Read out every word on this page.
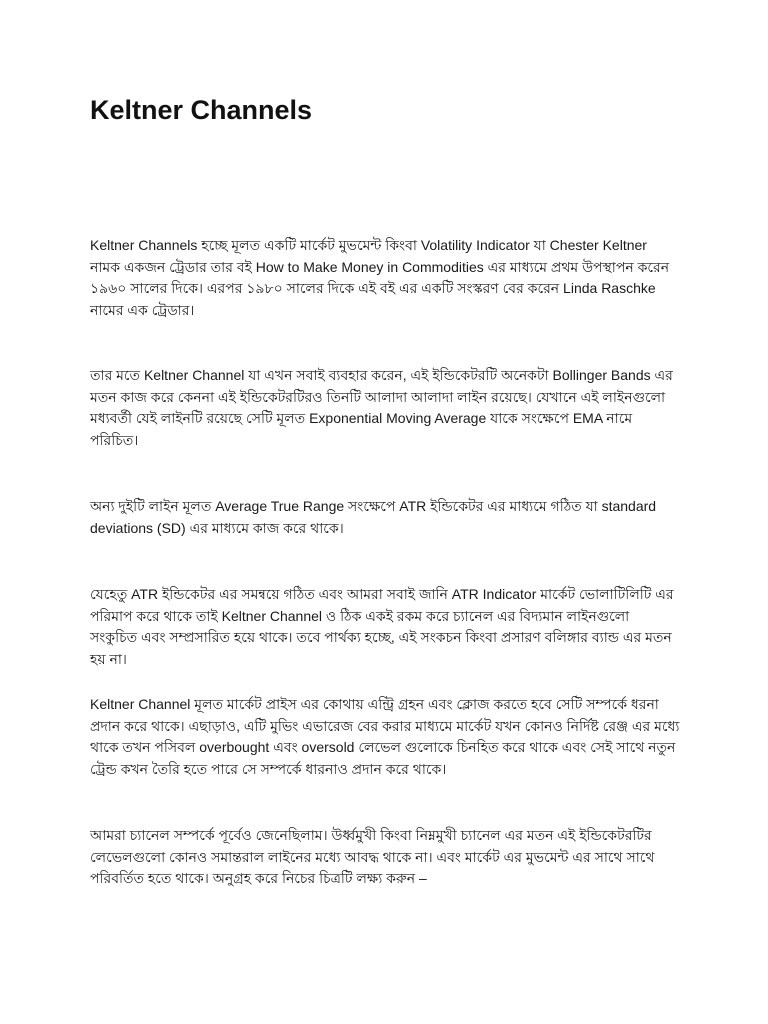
Keltner Channels

Keltner Channels হচ্ছে মূলত একটি মার্কেট মুভমেন্ট কিংবা Volatility Indicator যা Chester Keltner নামক একজন ট্রেডার তার বই How to Make Money in Commodities এর মাধ্যমে প্রথম উপস্থাপন করেন ১৯৬০ সালের দিকে। এরপর ১৯৮০ সালের দিকে এই বই এর একটি সংস্করণ বের করেন Linda Raschke নামের এক ট্রেডার।

তার মতে Keltner Channel যা এখন সবাই ব্যবহার করেন, এই ইন্ডিকেটরটি অনেকটা Bollinger Bands এর মতন কাজ করে কেননা এই ইন্ডিকেটরটিরও তিনটি আলাদা আলাদা লাইন রয়েছে। যেখানে এই লাইনগুলো মধ্যবর্তী যেই লাইনটি রয়েছে সেটি মূলত Exponential Moving Average যাকে সংক্ষেপে EMA নামে পরিচিত।

অন্য দুইটি লাইন মূলত Average True Range সংক্ষেপে ATR ইন্ডিকেটর এর মাধ্যমে গঠিত যা standard deviations (SD) এর মাধ্যমে কাজ করে থাকে।

যেহেতু ATR ইন্ডিকেটর এর সমন্বয়ে গঠিত এবং আমরা সবাই জানি ATR Indicator মার্কেট ভোলাটিলিটি এর পরিমাপ করে থাকে তাই Keltner Channel ও ঠিক একই রকম করে চ্যানেল এর বিদ্যমান লাইনগুলো সংকুচিত এবং সম্প্রসারিত হয়ে থাকে। তবে পার্থক্য হচ্ছে, এই সংকচন কিংবা প্রসারণ বলিঙ্গার ব্যান্ড এর মতন হয় না।

Keltner Channel মূলত মার্কেট প্রাইস এর কোথায় এন্ট্রি গ্রহন এবং ক্লোজ করতে হবে সেটি সম্পর্কে ধরনা প্রদান করে থাকে। এছাড়াও, এটি মুভিং এভারেজ বের করার মাধ্যমে মার্কেট যখন কোনও নির্দিষ্ট রেঞ্জ এর মধ্যে থাকে তখন পসিবল overbought এবং oversold লেভেল গুলোকে চিনহিত করে থাকে এবং সেই সাথে নতুন ট্রেন্ড কখন তৈরি হতে পারে সে সম্পর্কে ধারনাও প্রদান করে থাকে।

আমরা চ্যানেল সম্পর্কে পূর্বেও জেনেছিলাম। উর্ধ্বমুখী কিংবা নিম্নমুখী চ্যানেল এর মতন এই ইন্ডিকেটরটির লেভেলগুলো কোনও সমান্তরাল লাইনের মধ্যে আবদ্ধ থাকে না। এবং মার্কেট এর মুভমেন্ট এর সাথে সাথে পরিবর্তিত হতে থাকে। অনুগ্রহ করে নিচের চিত্রটি লক্ষ্য করুন –
